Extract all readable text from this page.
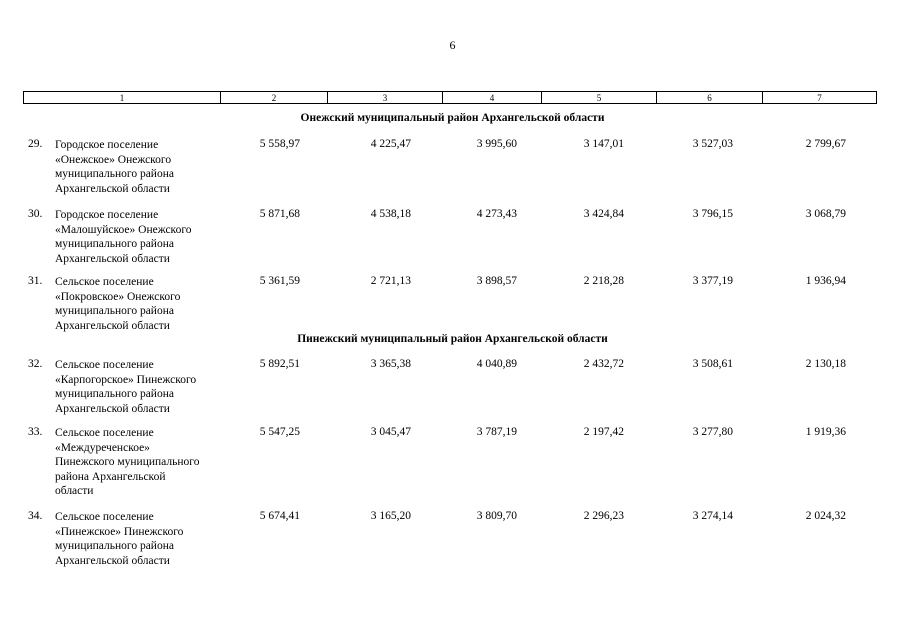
6
1	2	3	4	5	6	7
Онежский муниципальный район Архангельской области
29. Городское поселение
«Онежское» Онежского
муниципального района
Архангельской области
5 558,97	4 225,47	3 995,60	3 147,01	3 527,03	2 799,67
30. Городское поселение
«Малошуйское» Онежского
муниципального района
Архангельской области
5 871,68	4 538,18	4 273,43	3 424,84	3 796,15	3 068,79
31. Сельское поселение
«Покровское» Онежского
муниципального района
Архангельской области
5 361,59	2 721,13	3 898,57	2 218,28	3 377,19	1 936,94
Пинежский муниципальный район Архангельской области
32. Сельское поселение
«Карпогорское» Пинежского
муниципального района
Архангельской области
5 892,51	3 365,38	4 040,89	2 432,72	3 508,61	2 130,18
33. Сельское поселение
«Междуреченское»
Пинежского муниципального
района Архангельской
области
5 547,25	3 045,47	3 787,19	2 197,42	3 277,80	1 919,36
34. Сельское поселение
«Пинежское» Пинежского
муниципального района
Архангельской области
5 674,41	3 165,20	3 809,70	2 296,23	3 274,14	2 024,32
